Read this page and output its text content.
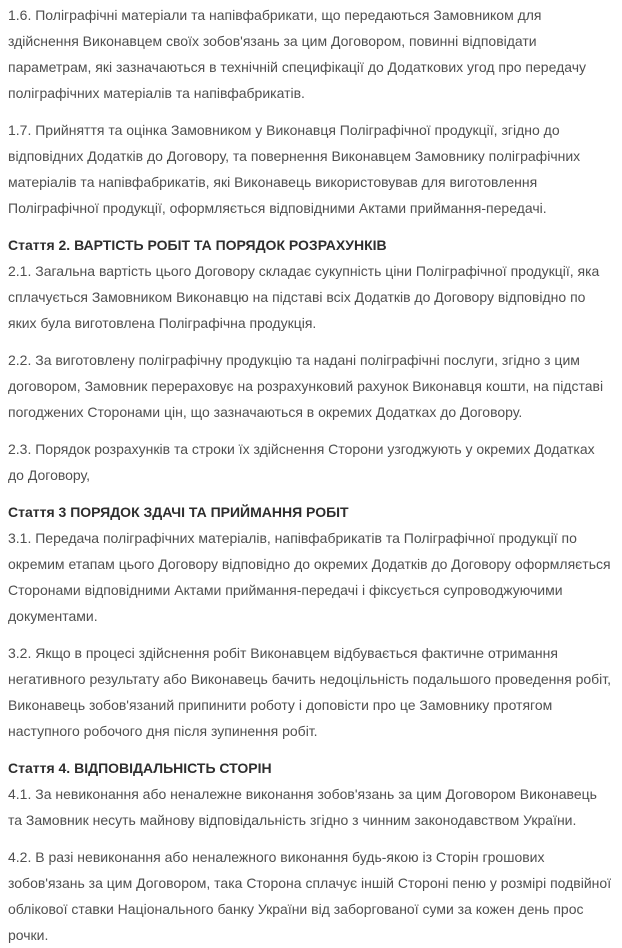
1.6. Поліграфічні матеріали та напівфабрикати, що передаються Замовником для здійснення Виконавцем своїх зобов'язань за цим Договором, повинні відповідати параметрам, які зазначаються в технічній специфікації до Додаткових угод про передачу поліграфічних матеріалів та напівфабрикатів.

1.7. Прийняття та оцінка Замовником у Виконавця Поліграфічної продукції, згідно до відповідних Додатків до Договору, та повернення Виконавцем Замовнику поліграфічних матеріалів та напівфабрикатів, які Виконавець використовував для виготовлення Поліграфічної продукції, оформляється відповідними Актами приймання-передачі.

Стаття 2. ВАРТІСТЬ РОБІТ ТА ПОРЯДОК РОЗРАХУНКІВ

2.1. Загальна вартість цього Договору складає сукупність ціни Поліграфічної продукції, яка сплачується Замовником Виконавцю на підставі всіх Додатків до Договору відповідно по яких була виготовлена Поліграфічна продукція.

2.2. За виготовлену поліграфічну продукцію та надані поліграфічні послуги, згідно з цим договором, Замовник перераховує на розрахунковий рахунок Виконавця кошти, на підставі погоджених Сторонами цін, що зазначаються в окремих Додатках до Договору.

2.3. Порядок розрахунків та строки їх здійснення Сторони узгоджують у окремих Додатках до Договору,

Стаття 3 ПОРЯДОК ЗДАЧІ ТА ПРИЙМАННЯ РОБІТ

3.1. Передача поліграфічних матеріалів, напівфабрикатів та Поліграфічної продукції по окремим етапам цього Договору відповідно до окремих Додатків до Договору оформляється Сторонами відповідними Актами приймання-передачі і фіксується супроводжуючими документами.

3.2. Якщо в процесі здійснення робіт Виконавцем відбувається фактичне отримання негативного результату або Виконавець бачить недоцільність подальшого проведення робіт, Виконавець зобов'язаний припинити роботу і доповісти про це Замовнику протягом наступного робочого дня після зупинення робіт.

Стаття 4. ВІДПОВІДАЛЬНІСТЬ СТОРІН

4.1. За невиконання або неналежне виконання зобов'язань за цим Договором Виконавець та Замовник несуть майнову відповідальність згідно з чинним законодавством України.

4.2. В разі невиконання або неналежного виконання будь-якою із Сторін грошових зобов'язань за цим Договором, така Сторона сплачує іншій Стороні пеню у розмірі подвійної облікової ставки Національного банку України від заборгованої суми за кожен день прос рочки.
